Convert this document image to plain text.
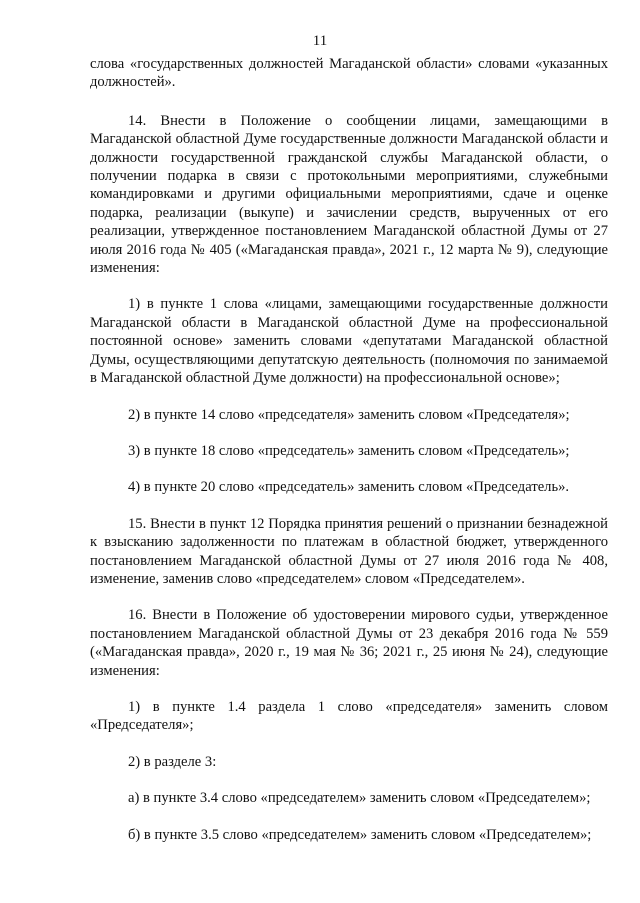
11

слова «государственных должностей Магаданской области» словами «указанных должностей».

14. Внести в Положение о сообщении лицами, замещающими в Магаданской областной Думе государственные должности Магаданской области и должности государственной гражданской службы Магаданской области, о получении подарка в связи с протокольными мероприятиями, служебными командировками и другими официальными мероприятиями, сдаче и оценке подарка, реализации (выкупе) и зачислении средств, вырученных от его реализации, утвержденное постановлением Магаданской областной Думы от 27 июля 2016 года № 405 («Магаданская правда», 2021 г., 12 марта № 9), следующие изменения:

1) в пункте 1 слова «лицами, замещающими государственные должности Магаданской области в Магаданской областной Думе на профессиональной постоянной основе» заменить словами «депутатами Магаданской областной Думы, осуществляющими депутатскую деятельность (полномочия по занимаемой в Магаданской областной Думе должности) на профессиональной основе»;

2) в пункте 14 слово «председателя» заменить словом «Председателя»;

3) в пункте 18 слово «председатель» заменить словом «Председатель»;

4) в пункте 20 слово «председатель» заменить словом «Председатель».

15. Внести в пункт 12 Порядка принятия решений о признании безнадежной к взысканию задолженности по платежам в областной бюджет, утвержденного постановлением Магаданской областной Думы от 27 июля 2016 года № 408, изменение, заменив слово «председателем» словом «Председателем».

16. Внести в Положение об удостоверении мирового судьи, утвержденное постановлением Магаданской областной Думы от 23 декабря 2016 года № 559 («Магаданская правда», 2020 г., 19 мая № 36; 2021 г., 25 июня № 24), следующие изменения:

1) в пункте 1.4 раздела 1 слово «председателя» заменить словом «Председателя»;

2) в разделе 3:

а) в пункте 3.4 слово «председателем» заменить словом «Председателем»;

б) в пункте 3.5 слово «председателем» заменить словом «Председателем»;
